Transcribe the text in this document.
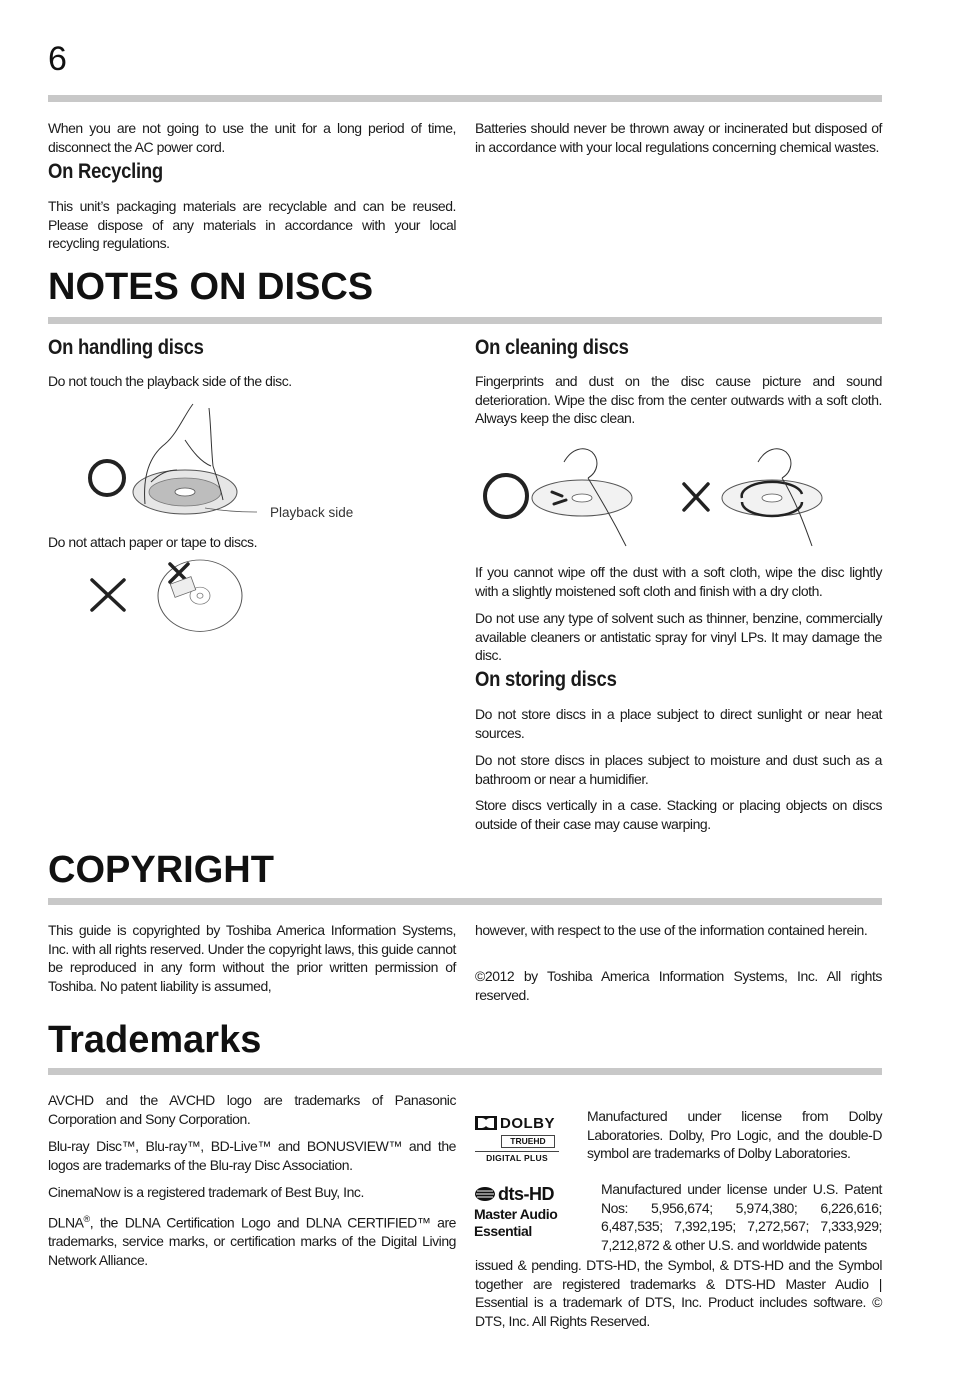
6
When you are not going to use the unit for a long period of time, disconnect the AC power cord.
On Recycling
This unit’s packaging materials are recyclable and can be reused. Please dispose of any materials in accordance with your local recycling regulations.
Batteries should never be thrown away or incinerated but disposed of in accordance with your local regulations concerning chemical wastes.
NOTES ON DISCS
On handling discs
Do not touch the playback side of the disc.
Playback side
Do not attach paper or tape to discs.
On cleaning discs
Fingerprints and dust on the disc cause picture and sound deterioration. Wipe the disc from the center outwards with a soft cloth. Always keep the disc clean.
If you cannot wipe off the dust with a soft cloth, wipe the disc lightly with a slightly moistened soft cloth and finish with a dry cloth.
Do not use any type of solvent such as thinner, benzine, commercially available cleaners or antistatic spray for vinyl LPs. It may damage the disc.
On storing discs
Do not store discs in a place subject to direct sunlight or near heat sources.
Do not store discs in places subject to moisture and dust such as a bathroom or near a humidifier.
Store discs vertically in a case. Stacking or placing objects on discs outside of their case may cause warping.
COPYRIGHT
This guide is copyrighted by Toshiba America Information Systems, Inc. with all rights reserved. Under the copyright laws, this guide cannot be reproduced in any form without the prior written permission of Toshiba. No patent liability is assumed,
however, with respect to the use of the information contained herein.
©2012 by Toshiba America Information Systems, Inc. All rights reserved.
Trademarks
AVCHD and the AVCHD logo are trademarks of Panasonic Corporation and Sony Corporation.
Blu-ray Disc™, Blu-ray™, BD-Live™ and BONUSVIEW™ and the logos are trademarks of the Blu-ray Disc Association.
CinemaNow is a registered trademark of Best Buy, Inc.
DLNA®, the DLNA Certification Logo and DLNA CERTIFIED™ are trademarks, service marks, or certification marks of the Digital Living Network Alliance.
DOLBY
TRUEHD
DIGITAL PLUS
Manufactured under license from Dolby Laboratories. Dolby, Pro Logic, and the double-D symbol are trademarks of Dolby Laboratories.
dts-HD
Master Audio
Essential
Manufactured under license under U.S. Patent Nos: 5,956,674; 5,974,380; 6,226,616; 6,487,535; 7,392,195; 7,272,567; 7,333,929; 7,212,872 & other U.S. and worldwide patents
issued & pending. DTS-HD, the Symbol, & DTS-HD and the Symbol together are registered trademarks & DTS-HD Master Audio | Essential is a trademark of DTS, Inc. Product includes software. © DTS, Inc. All Rights Reserved.
